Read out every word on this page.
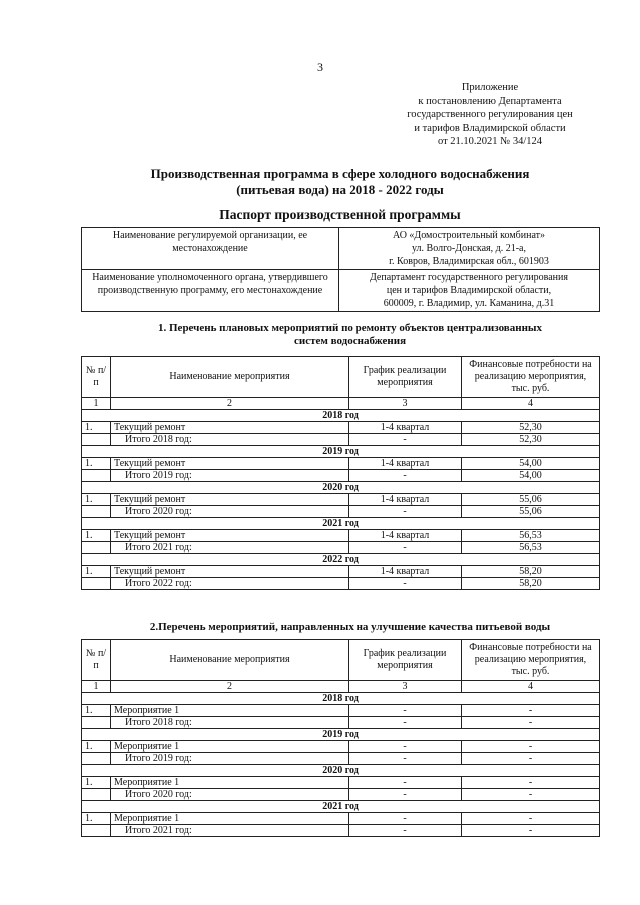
3
Приложение
к постановлению Департамента
государственного регулирования цен
и тарифов Владимирской области
от 21.10.2021 № 34/124
Производственная программа в сфере холодного водоснабжения
(питьевая вода) на 2018 - 2022 годы
Паспорт производственной программы
Наименование регулируемой организации, ее местонахождение	АО «Домостроительный комбинат»
ул. Волго-Донская, д. 21-а,
г. Ковров, Владимирская обл., 601903

Наименование уполномоченного органа, утвердившего производственную программу, его местонахождение	Департамент государственного регулирования
цен и тарифов Владимирской области,
600009, г. Владимир, ул. Каманина, д.31
1. Перечень плановых мероприятий по ремонту объектов централизованных
систем водоснабжения
№ п/п	Наименование мероприятия	График реализации мероприятия	Финансовые потребности на реализацию мероприятия, тыс. руб.
1	2	3	4
2018 год			
1.	Текущий ремонт	1-4 квартал	52,30
	Итого 2018 год:	-	52,30
2019 год			
1.	Текущий ремонт	1-4 квартал	54,00
	Итого 2019 год:	-	54,00
2020 год			
1.	Текущий ремонт	1-4 квартал	55,06
	Итого 2020 год:	-	55,06
2021 год			
1.	Текущий ремонт	1-4 квартал	56,53
	Итого 2021 год:	-	56,53
2022 год			
1.	Текущий ремонт	1-4 квартал	58,20
	Итого 2022 год:	-	58,20
2.Перечень мероприятий, направленных на улучшение качества питьевой воды
№ п/п	Наименование мероприятия	График реализации мероприятия	Финансовые потребности на реализацию мероприятия, тыс. руб.
1	2	3	4
2018 год			
1.	Мероприятие 1	-	-
	Итого 2018 год:	-	-
2019 год			
1.	Мероприятие 1	-	-
	Итого 2019 год:	-	-
2020 год			
1.	Мероприятие 1	-	-
	Итого 2020 год:	-	-
2021 год			
1.	Мероприятие 1	-	-
	Итого 2021 год:	-	-
